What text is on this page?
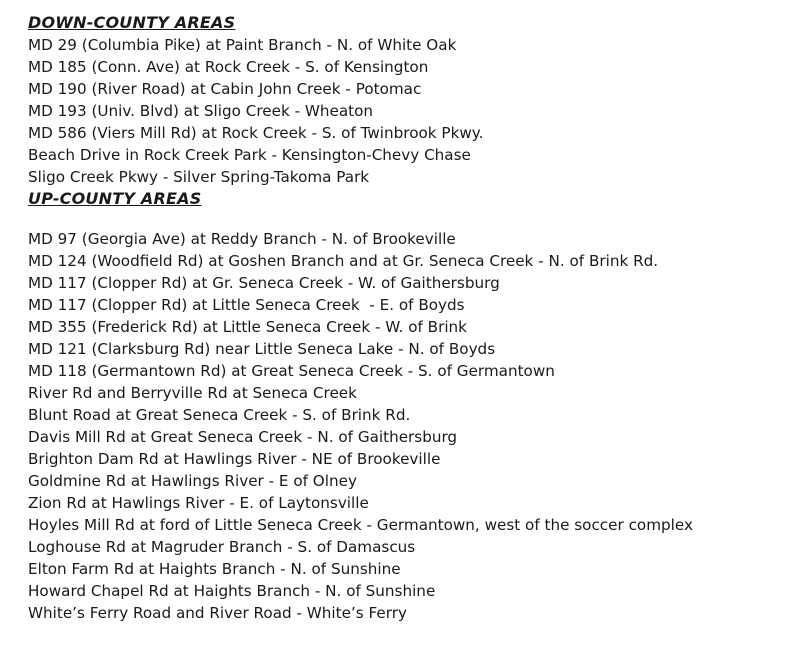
DOWN-COUNTY AREAS
MD 29 (Columbia Pike) at Paint Branch - N. of White Oak
MD 185 (Conn. Ave) at Rock Creek - S. of Kensington
MD 190 (River Road) at Cabin John Creek - Potomac
MD 193 (Univ. Blvd) at Sligo Creek - Wheaton
MD 586 (Viers Mill Rd) at Rock Creek - S. of Twinbrook Pkwy.
Beach Drive in Rock Creek Park - Kensington-Chevy Chase
Sligo Creek Pkwy - Silver Spring-Takoma Park
UP-COUNTY AREAS
MD 97 (Georgia Ave) at Reddy Branch - N. of Brookeville
MD 124 (Woodfield Rd) at Goshen Branch and at Gr. Seneca Creek - N. of Brink Rd.
MD 117 (Clopper Rd) at Gr. Seneca Creek - W. of Gaithersburg
MD 117 (Clopper Rd) at Little Seneca Creek  - E. of Boyds
MD 355 (Frederick Rd) at Little Seneca Creek - W. of Brink
MD 121 (Clarksburg Rd) near Little Seneca Lake - N. of Boyds
MD 118 (Germantown Rd) at Great Seneca Creek - S. of Germantown
River Rd and Berryville Rd at Seneca Creek
Blunt Road at Great Seneca Creek - S. of Brink Rd.
Davis Mill Rd at Great Seneca Creek - N. of Gaithersburg
Brighton Dam Rd at Hawlings River - NE of Brookeville
Goldmine Rd at Hawlings River - E of Olney
Zion Rd at Hawlings River - E. of Laytonsville
Hoyles Mill Rd at ford of Little Seneca Creek - Germantown, west of the soccer complex
Loghouse Rd at Magruder Branch - S. of Damascus
Elton Farm Rd at Haights Branch - N. of Sunshine
Howard Chapel Rd at Haights Branch - N. of Sunshine
White’s Ferry Road and River Road - White’s Ferry
